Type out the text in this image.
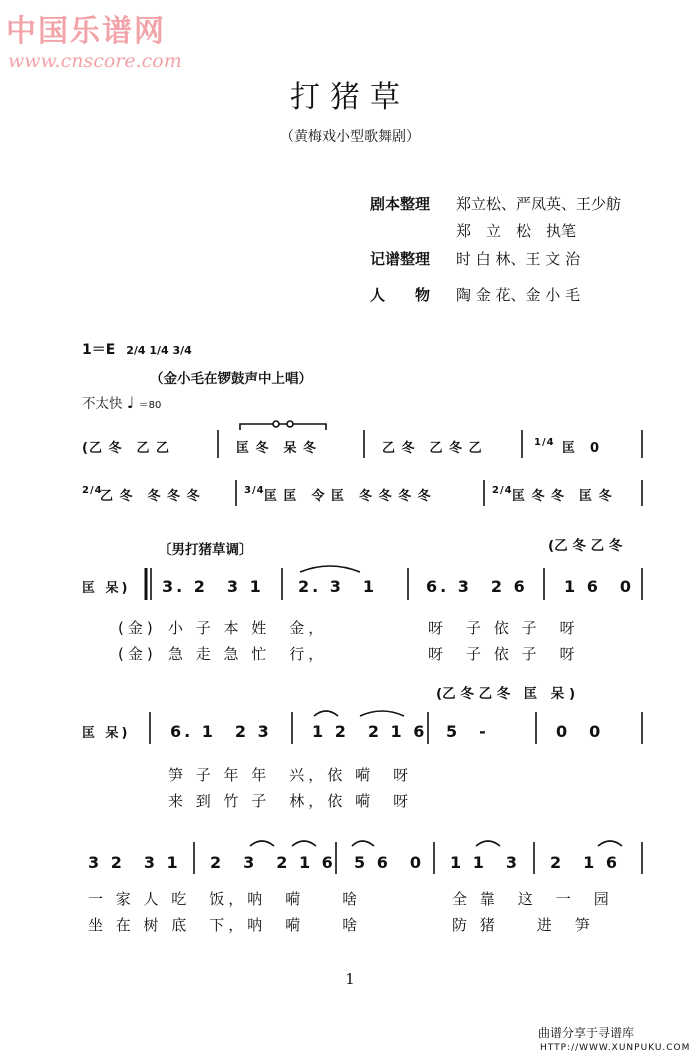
中国乐谱网
www.cnscore.com
打猪草
（黄梅戏小型歌舞剧）
剧本整理 郑立松、严凤英、王少舫
郑　立　松　执笔
记谱整理 时 白 林、王 文 治
人　　物 陶 金 花、金 小 毛
1＝E 2/4 1/4 3/4
（金小毛在锣鼓声中上唱）
不太快 ♩ ＝80
(乙 冬　乙 乙	匡 冬　呆 冬	乙 冬　乙 冬 乙	1/4 匡　0
2/4
乙 冬　冬 冬 冬	3/4 匡 匡　令 匡　冬 冬 冬 冬	2/4 匡 冬 冬　匡 冬
〔男打猪草调〕	(乙 冬 乙 冬
匡 呆) 3. 2　3 1 2. 3　1	6. 3　2 6 1 6　0
(金) 小 子 本 姓　金，	呀　子 依 子　呀
(金) 急 走 急 忙　行，	呀　子 依 子　呀
(乙 冬 乙 冬　匡　呆 )
匡 呆) 6. 1　2 3	1 2　2 1 6 5　-	0　0
笋 子 年 年　兴，依 嗬　呀
来 到 竹 子　林，依 嗬　呀
3 2　3 1 2　3　2 1 6 5 6　0 1 1　3 2　1 6
一 家 人 吃　饭，呐　嗬　　啥	全 靠　这　一　园
坐 在 树 底　下，呐　嗬　　啥	防 猪　　进　笋
1
曲谱分享于寻谱库
HTTP://WWW.XUNPUKU.COM
